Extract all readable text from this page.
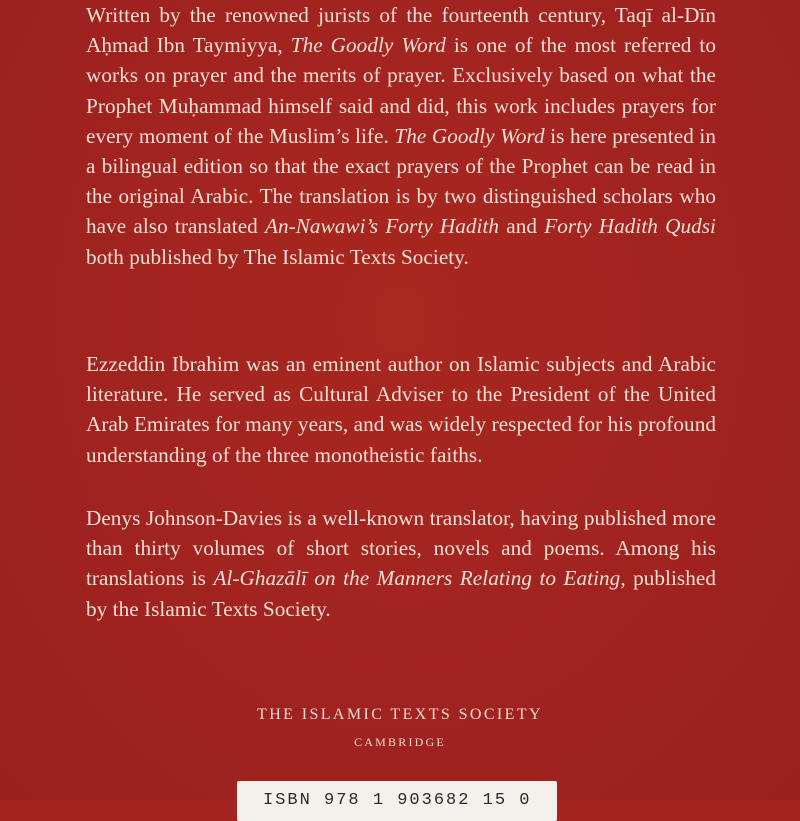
Written by the renowned jurists of the fourteenth century, Taqī al-Dīn Aḥmad Ibn Taymiyya, The Goodly Word is one of the most referred to works on prayer and the merits of prayer. Exclusively based on what the Prophet Muḥammad himself said and did, this work includes prayers for every moment of the Muslim’s life. The Goodly Word is here presented in a bilingual edition so that the exact prayers of the Prophet can be read in the original Arabic. The translation is by two distinguished scholars who have also translated An-Nawawi’s Forty Hadith and Forty Hadith Qudsi both published by The Islamic Texts Society.

Ezzeddin Ibrahim was an eminent author on Islamic subjects and Arabic literature. He served as Cultural Adviser to the President of the United Arab Emirates for many years, and was widely respected for his profound understanding of the three monotheistic faiths.

Denys Johnson-Davies is a well-known translator, having published more than thirty volumes of short stories, novels and poems. Among his translations is Al-Ghazālī on the Manners Relating to Eating, published by the Islamic Texts Society.

THE ISLAMIC TEXTS SOCIETY
CAMBRIDGE
ISBN 978 1 903682 15 0
